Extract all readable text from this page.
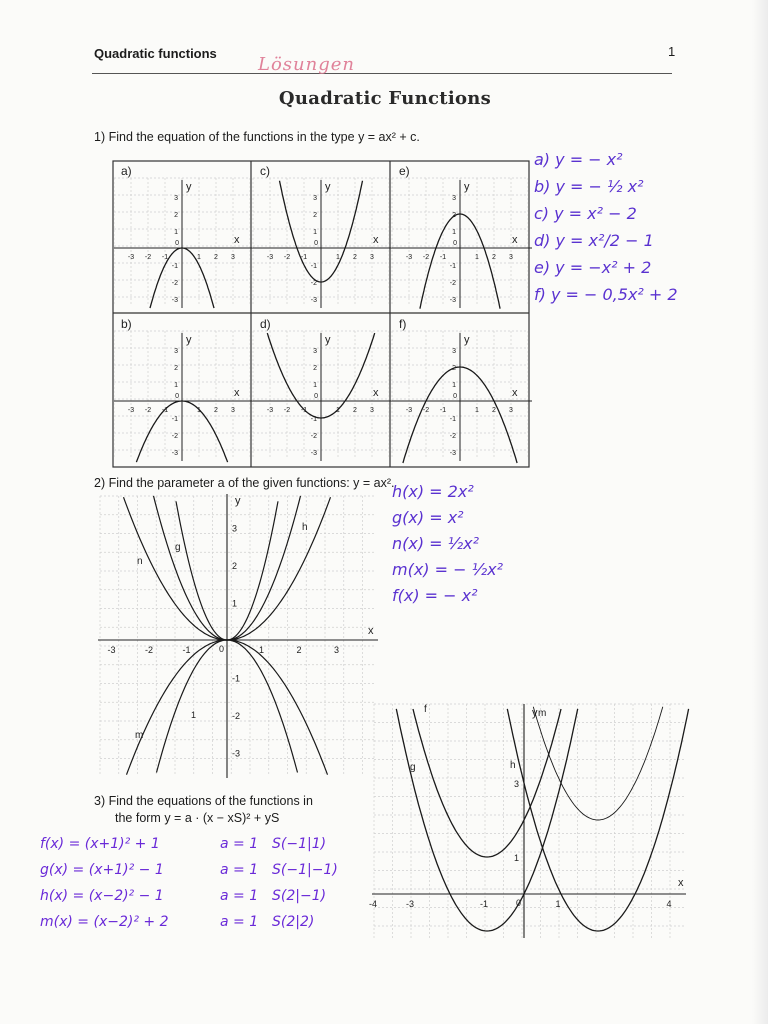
Quadratic functions	1
Lösungen
Quadratic Functions
1) Find the equation of the functions in the type y = ax² + c.
a)
y
x
-3 -2 -1	1 2 3
3
2
1
-1
-2
-3
0
c)
y
x
-3 -2 -1	1 2 3
3
2
1
-1
-2
-3
0
e)
y
x
-3 -2 -1	1 2 3
3
2
1
-1
-2
-3
0
b)
y
x
-3 -2 -1	1 2 3
3
2
1
-1
-2
-3
0
d)
y
x
-3 -2 -1	1 2 3
3
2
1
-1
-2
-3
0
f)
y
x
-3 -2 -1	1 2 3
3
2
1
-1
-2
-3
0
a) y = − x²
b) y = − ½ x²
c) y = x² − 2
d) y = x²/2 − 1
e) y = −x² + 2
f) y = − 0,5x² + 2
2) Find the parameter a of the given functions: y = ax².
x
y
-3	-2	-1	1	2	3
3
2
1
-1
-2
-3
0
h
g
n
m
1
h(x) = 2x²
g(x) = x²
n(x) = ½x²
m(x) = − ½x²
f(x) = − x²
3) Find the equations of the functions in
the form y = a · (x − xS)² + yS
x
y
-4	-3	-1	1	4
3
1
0
f
g	h
m
f(x) = (x+1)² + 1	a = 1 S(−1|1)
g(x) = (x+1)² − 1	a = 1 S(−1|−1)
h(x) = (x−2)² − 1	a = 1 S(2|−1)
m(x) = (x−2)² + 2	a = 1 S(2|2)
